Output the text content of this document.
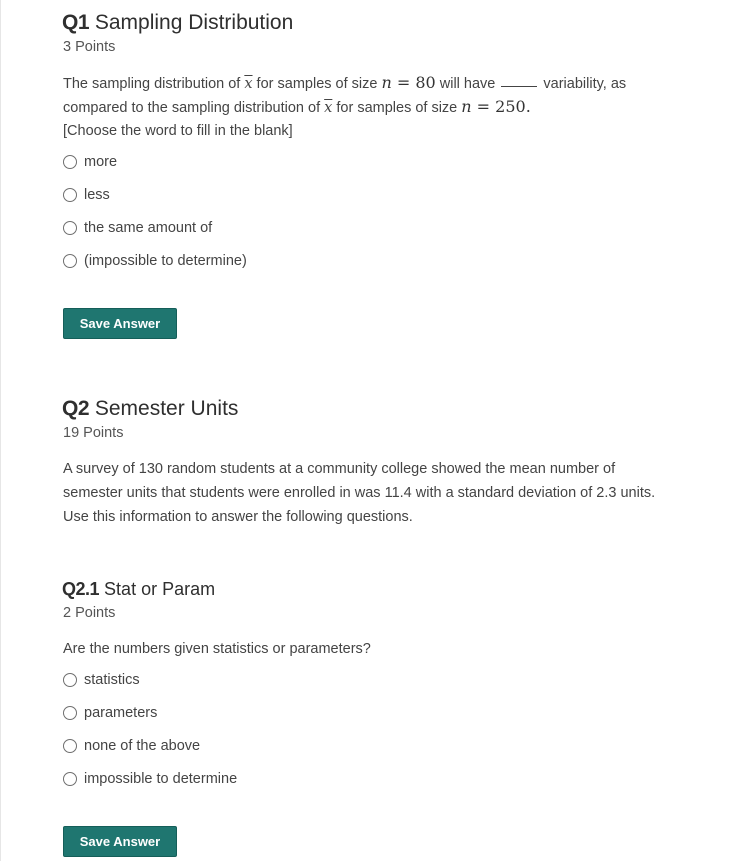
Q1 Sampling Distribution
3 Points
The sampling distribution of $\overline{x}$ for samples of size n = 80 will have	variability, as
compared to the sampling distribution of $\overline{x}$ for samples of size n = 250.
[Choose the word to fill in the blank]
more
less
the same amount of
(impossible to determine)
Save Answer
Q2 Semester Units
19 Points
A survey of 130 random students at a community college showed the mean number of
semester units that students were enrolled in was 11.4 with a standard deviation of 2.3 units.
Use this information to answer the following questions.
Q2.1 Stat or Param
2 Points
Are the numbers given statistics or parameters?
statistics
parameters
none of the above
impossible to determine
Save Answer
